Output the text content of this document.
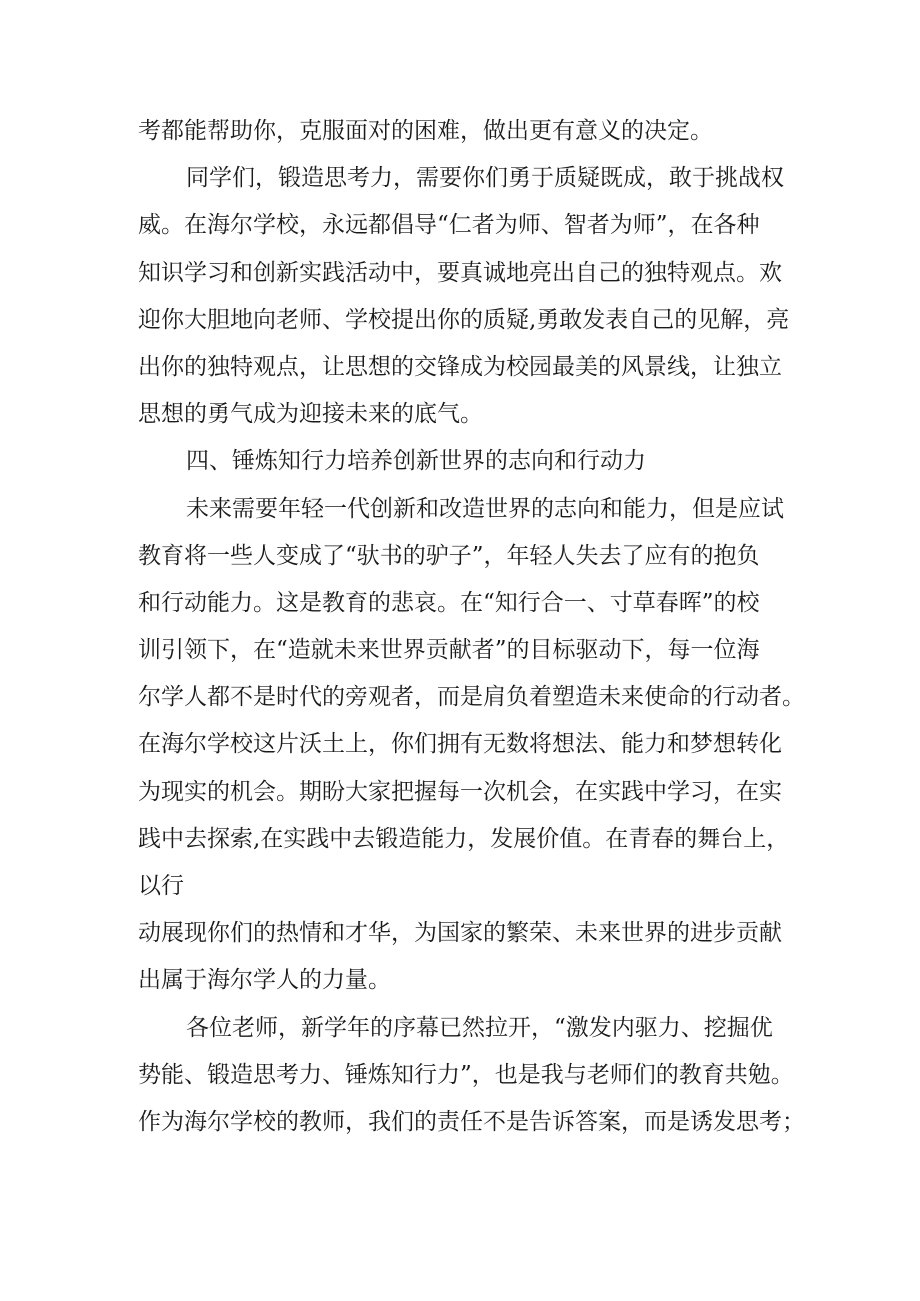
考都能帮助你，克服面对的困难，做出更有意义的决定。
同学们，锻造思考力，需要你们勇于质疑既成，敢于挑战权
威。在海尔学校，永远都倡导“仁者为师、智者为师”，在各种
知识学习和创新实践活动中，要真诚地亮出自己的独特观点。欢
迎你大胆地向老师、学校提出你的质疑,勇敢发表自己的见解，亮
出你的独特观点，让思想的交锋成为校园最美的风景线，让独立
思想的勇气成为迎接未来的底气。
四、锤炼知行力培养创新世界的志向和行动力
未来需要年轻一代创新和改造世界的志向和能力，但是应试
教育将一些人变成了“驮书的驴子”，年轻人失去了应有的抱负
和行动能力。这是教育的悲哀。在“知行合一、寸草春晖”的校
训引领下，在“造就未来世界贡献者”的目标驱动下，每一位海
尔学人都不是时代的旁观者，而是肩负着塑造未来使命的行动者。
在海尔学校这片沃土上，你们拥有无数将想法、能力和梦想转化
为现实的机会。期盼大家把握每一次机会，在实践中学习，在实
践中去探索,在实践中去锻造能力，发展价值。在青春的舞台上，
以行
动展现你们的热情和才华，为国家的繁荣、未来世界的进步贡献
出属于海尔学人的力量。
各位老师，新学年的序幕已然拉开，“激发内驱力、挖掘优
势能、锻造思考力、锤炼知行力”，也是我与老师们的教育共勉。
作为海尔学校的教师，我们的责任不是告诉答案，而是诱发思考；
